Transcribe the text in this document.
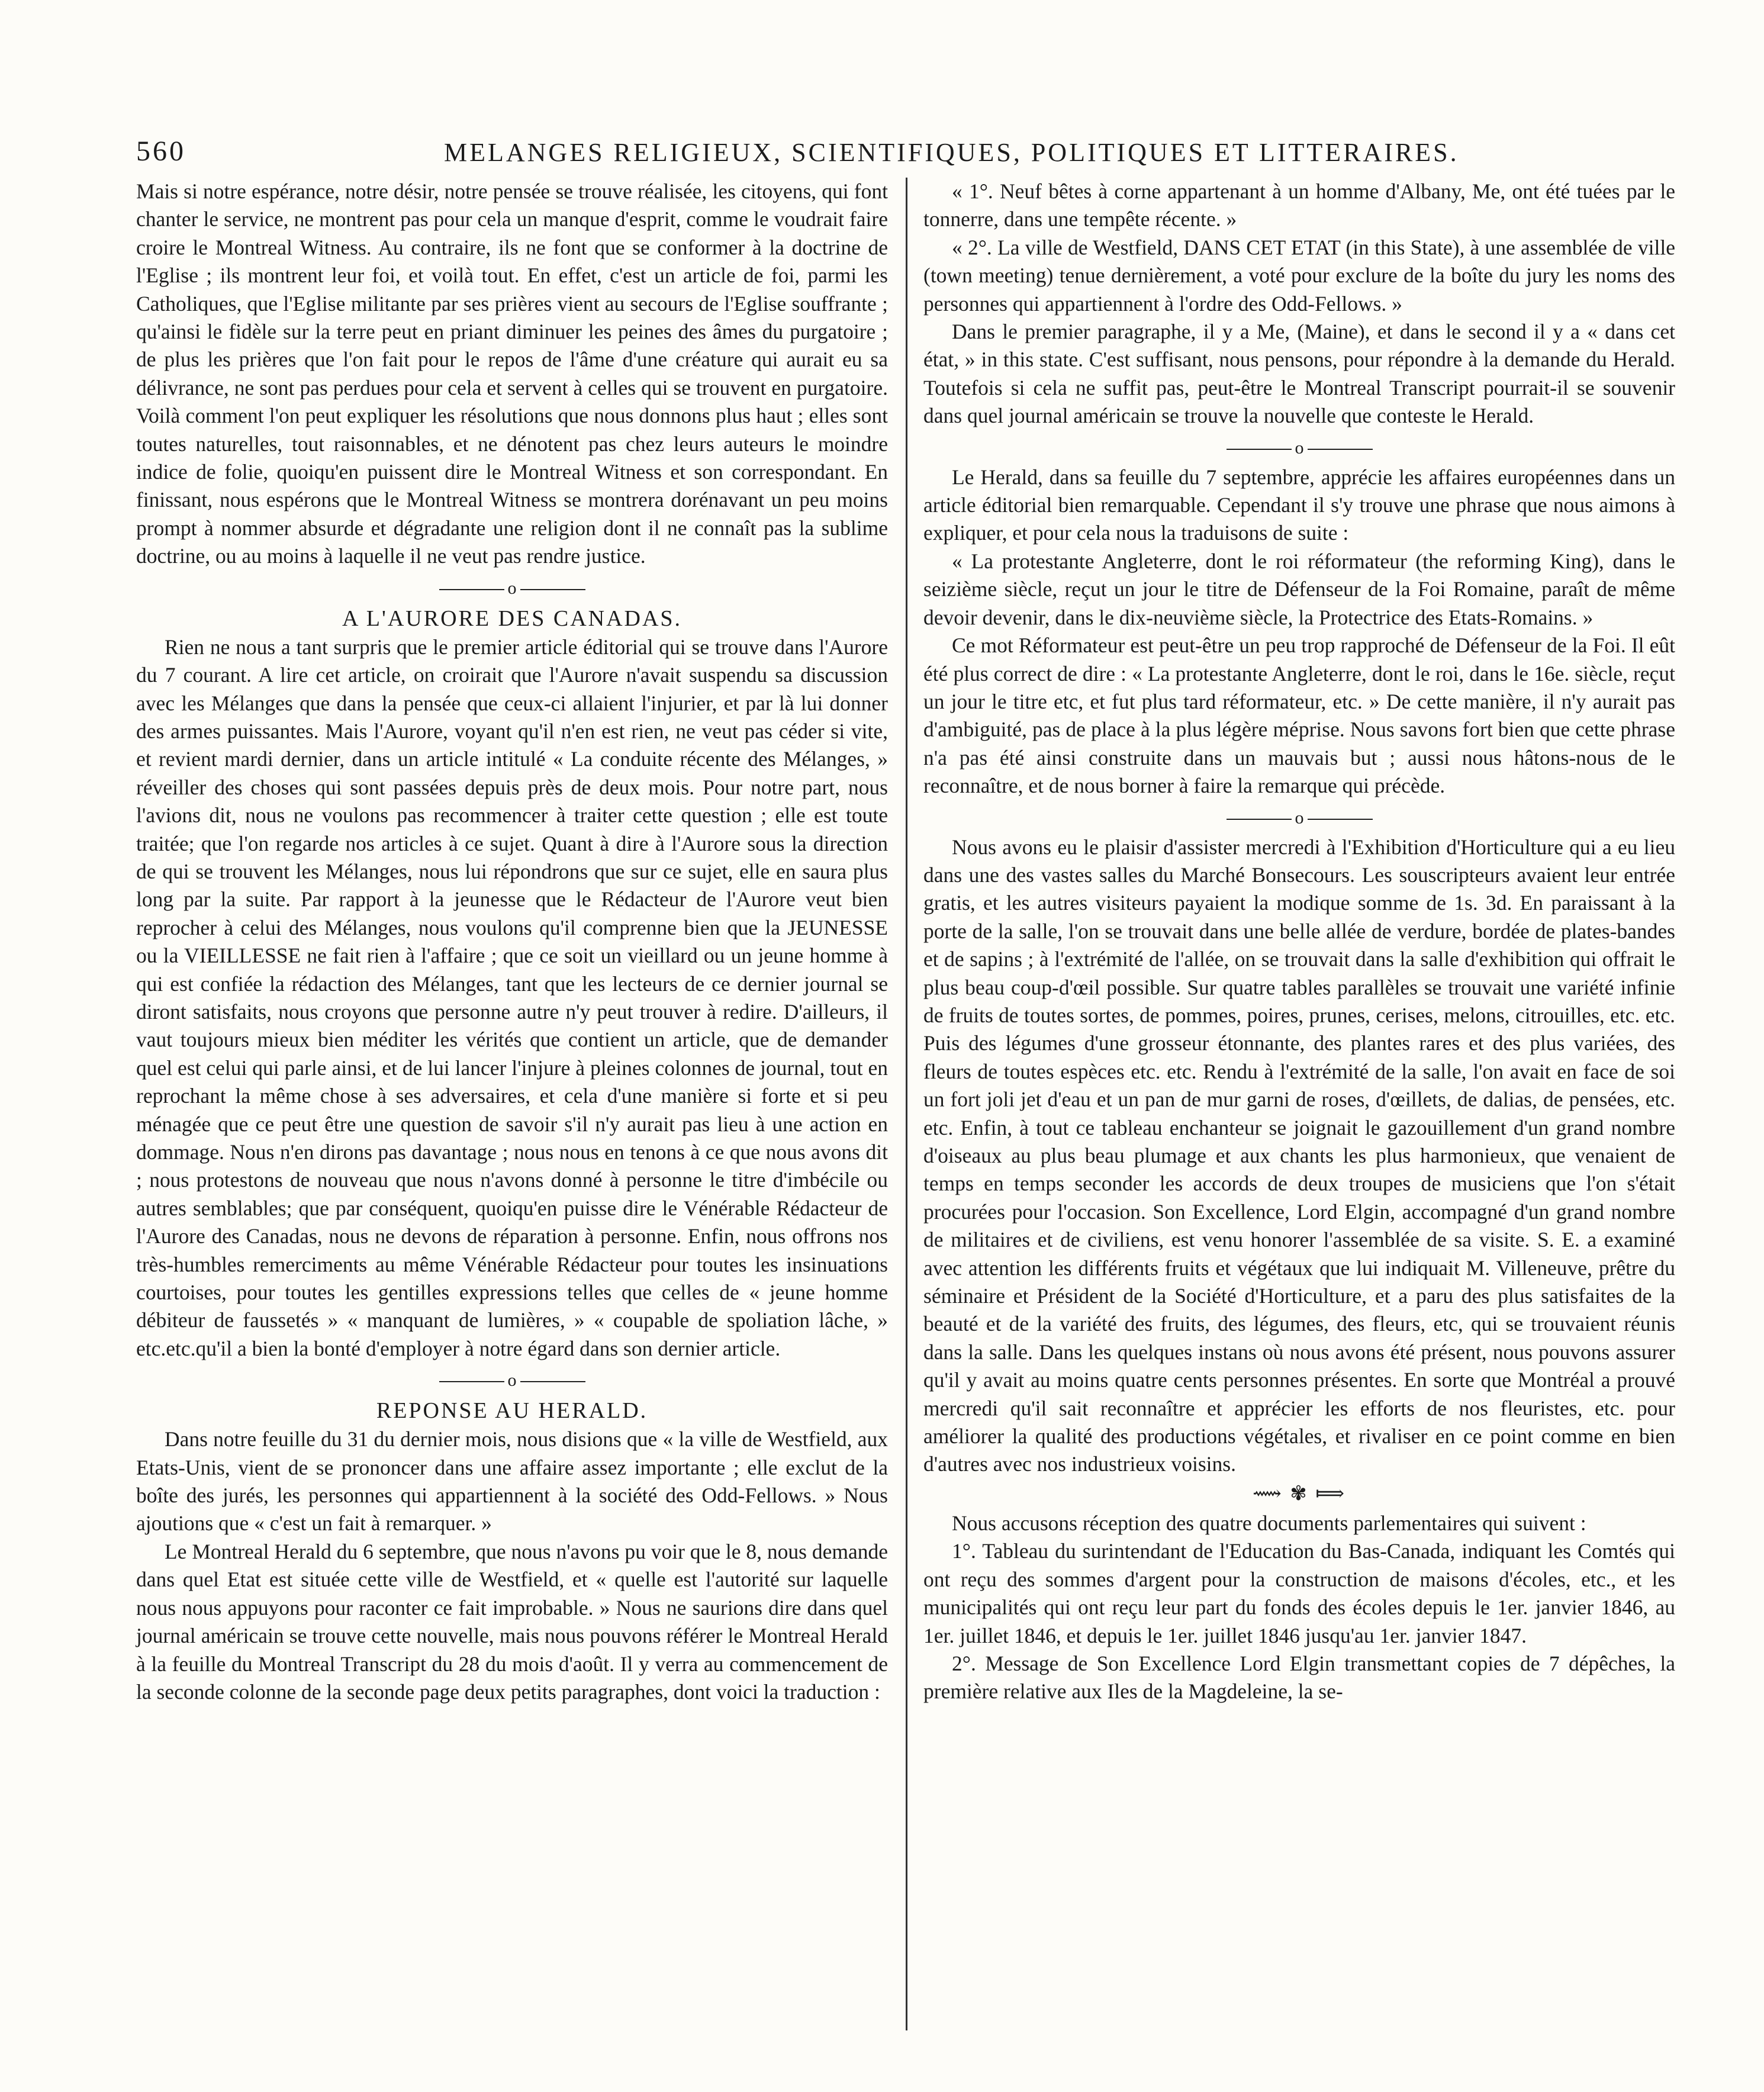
560	MELANGES RELIGIEUX, SCIENTIFIQUES, POLITIQUES ET LITTERAIRES.

Mais si notre espérance, notre désir, notre pensée se trouve réalisée, les citoyens, qui font chanter le service, ne montrent pas pour cela un manque d'esprit, comme le voudrait faire croire le Montreal Witness. Au contraire, ils ne font que se conformer à la doctrine de l'Eglise ; ils montrent leur foi, et voilà tout. En effet, c'est un article de foi, parmi les Catholiques, que l'Eglise militante par ses prières vient au secours de l'Eglise souffrante ; qu'ainsi le fidèle sur la terre peut en priant diminuer les peines des âmes du purgatoire ; de plus les prières que l'on fait pour le repos de l'âme d'une créature qui aurait eu sa délivrance, ne sont pas perdues pour cela et servent à celles qui se trouvent en purgatoire. Voilà comment l'on peut expliquer les résolutions que nous donnons plus haut ; elles sont toutes naturelles, tout raisonnables, et ne dénotent pas chez leurs auteurs le moindre indice de folie, quoiqu'en puissent dire le Montreal Witness et son correspondant. En finissant, nous espérons que le Montreal Witness se montrera dorénavant un peu moins prompt à nommer absurde et dégradante une religion dont il ne connaît pas la sublime doctrine, ou au moins à laquelle il ne veut pas rendre justice.

o
A L'AURORE DES CANADAS.

Rien ne nous a tant surpris que le premier article éditorial qui se trouve dans l'Aurore du 7 courant. A lire cet article, on croirait que l'Aurore n'avait suspendu sa discussion avec les Mélanges que dans la pensée que ceux-ci allaient l'injurier, et par là lui donner des armes puissantes. Mais l'Aurore, voyant qu'il n'en est rien, ne veut pas céder si vite, et revient mardi dernier, dans un article intitulé « La conduite récente des Mélanges, » réveiller des choses qui sont passées depuis près de deux mois. Pour notre part, nous l'avions dit, nous ne voulons pas recommencer à traiter cette question ; elle est toute traitée; que l'on regarde nos articles à ce sujet. Quant à dire à l'Aurore sous la direction de qui se trouvent les Mélanges, nous lui répondrons que sur ce sujet, elle en saura plus long par la suite. Par rapport à la jeunesse que le Rédacteur de l'Aurore veut bien reprocher à celui des Mélanges, nous voulons qu'il comprenne bien que la JEUNESSE ou la VIEILLESSE ne fait rien à l'affaire ; que ce soit un vieillard ou un jeune homme à qui est confiée la rédaction des Mélanges, tant que les lecteurs de ce dernier journal se diront satisfaits, nous croyons que personne autre n'y peut trouver à redire. D'ailleurs, il vaut toujours mieux bien méditer les vérités que contient un article, que de demander quel est celui qui parle ainsi, et de lui lancer l'injure à pleines colonnes de journal, tout en reprochant la même chose à ses adversaires, et cela d'une manière si forte et si peu ménagée que ce peut être une question de savoir s'il n'y aurait pas lieu à une action en dommage. Nous n'en dirons pas davantage ; nous nous en tenons à ce que nous avons dit ; nous protestons de nouveau que nous n'avons donné à personne le titre d'imbécile ou autres semblables; que par conséquent, quoiqu'en puisse dire le Vénérable Rédacteur de l'Aurore des Canadas, nous ne devons de réparation à personne. Enfin, nous offrons nos très-humbles remerciments au même Vénérable Rédacteur pour toutes les insinuations courtoises, pour toutes les gentilles expressions telles que celles de « jeune homme débiteur de faussetés » « manquant de lumières, » « coupable de spoliation lâche, » etc.etc.qu'il a bien la bonté d'employer à notre égard dans son dernier article.

o
REPONSE AU HERALD.

Dans notre feuille du 31 du dernier mois, nous disions que « la ville de Westfield, aux Etats-Unis, vient de se prononcer dans une affaire assez importante ; elle exclut de la boîte des jurés, les personnes qui appartiennent à la société des Odd-Fellows. » Nous ajoutions que « c'est un fait à remarquer. »

Le Montreal Herald du 6 septembre, que nous n'avons pu voir que le 8, nous demande dans quel Etat est située cette ville de Westfield, et « quelle est l'autorité sur laquelle nous nous appuyons pour raconter ce fait improbable. » Nous ne saurions dire dans quel journal américain se trouve cette nouvelle, mais nous pouvons référer le Montreal Herald à la feuille du Montreal Transcript du 28 du mois d'août. Il y verra au commencement de la seconde colonne de la seconde page deux petits paragraphes, dont voici la traduction :

« 1°. Neuf bêtes à corne appartenant à un homme d'Albany, Me, ont été tuées par le tonnerre, dans une tempête récente. »

« 2°. La ville de Westfield, DANS CET ETAT (in this State), à une assemblée de ville (town meeting) tenue dernièrement, a voté pour exclure de la boîte du jury les noms des personnes qui appartiennent à l'ordre des Odd-Fellows. »

Dans le premier paragraphe, il y a Me, (Maine), et dans le second il y a « dans cet état, » in this state. C'est suffisant, nous pensons, pour répondre à la demande du Herald. Toutefois si cela ne suffit pas, peut-être le Montreal Transcript pourrait-il se souvenir dans quel journal américain se trouve la nouvelle que conteste le Herald.

o

Le Herald, dans sa feuille du 7 septembre, apprécie les affaires européennes dans un article éditorial bien remarquable. Cependant il s'y trouve une phrase que nous aimons à expliquer, et pour cela nous la traduisons de suite :

« La protestante Angleterre, dont le roi réformateur (the reforming King), dans le seizième siècle, reçut un jour le titre de Défenseur de la Foi Romaine, paraît de même devoir devenir, dans le dix-neuvième siècle, la Protectrice des Etats-Romains. »

Ce mot Réformateur est peut-être un peu trop rapproché de Défenseur de la Foi. Il eût été plus correct de dire : « La protestante Angleterre, dont le roi, dans le 16e. siècle, reçut un jour le titre etc, et fut plus tard réformateur, etc. » De cette manière, il n'y aurait pas d'ambiguité, pas de place à la plus légère méprise. Nous savons fort bien que cette phrase n'a pas été ainsi construite dans un mauvais but ; aussi nous hâtons-nous de le reconnaître, et de nous borner à faire la remarque qui précède.

o

Nous avons eu le plaisir d'assister mercredi à l'Exhibition d'Horticulture qui a eu lieu dans une des vastes salles du Marché Bonsecours. Les souscripteurs avaient leur entrée gratis, et les autres visiteurs payaient la modique somme de 1s. 3d. En paraissant à la porte de la salle, l'on se trouvait dans une belle allée de verdure, bordée de plates-bandes et de sapins ; à l'extrémité de l'allée, on se trouvait dans la salle d'exhibition qui offrait le plus beau coup-d'œil possible. Sur quatre tables parallèles se trouvait une variété infinie de fruits de toutes sortes, de pommes, poires, prunes, cerises, melons, citrouilles, etc. etc. Puis des légumes d'une grosseur étonnante, des plantes rares et des plus variées, des fleurs de toutes espèces etc. etc. Rendu à l'extrémité de la salle, l'on avait en face de soi un fort joli jet d'eau et un pan de mur garni de roses, d'œillets, de dalias, de pensées, etc. etc. Enfin, à tout ce tableau enchanteur se joignait le gazouillement d'un grand nombre d'oiseaux au plus beau plumage et aux chants les plus harmonieux, que venaient de temps en temps seconder les accords de deux troupes de musiciens que l'on s'était procurées pour l'occasion. Son Excellence, Lord Elgin, accompagné d'un grand nombre de militaires et de civiliens, est venu honorer l'assemblée de sa visite. S. E. a examiné avec attention les différents fruits et végétaux que lui indiquait M. Villeneuve, prêtre du séminaire et Président de la Société d'Horticulture, et a paru des plus satisfaites de la beauté et de la variété des fruits, des légumes, des fleurs, etc, qui se trouvaient réunis dans la salle. Dans les quelques instans où nous avons été présent, nous pouvons assurer qu'il y avait au moins quatre cents personnes présentes. En sorte que Montréal a prouvé mercredi qu'il sait reconnaître et apprécier les efforts de nos fleuristes, etc. pour améliorer la qualité des productions végétales, et rivaliser en ce point comme en bien d'autres avec nos industrieux voisins.

⟿ ✾ ⟾

Nous accusons réception des quatre documents parlementaires qui suivent :

1°. Tableau du surintendant de l'Education du Bas-Canada, indiquant les Comtés qui ont reçu des sommes d'argent pour la construction de maisons d'écoles, etc., et les municipalités qui ont reçu leur part du fonds des écoles depuis le 1er. janvier 1846, au 1er. juillet 1846, et depuis le 1er. juillet 1846 jusqu'au 1er. janvier 1847.

2°. Message de Son Excellence Lord Elgin transmettant copies de 7 dépêches, la première relative aux Iles de la Magdeleine, la se-
